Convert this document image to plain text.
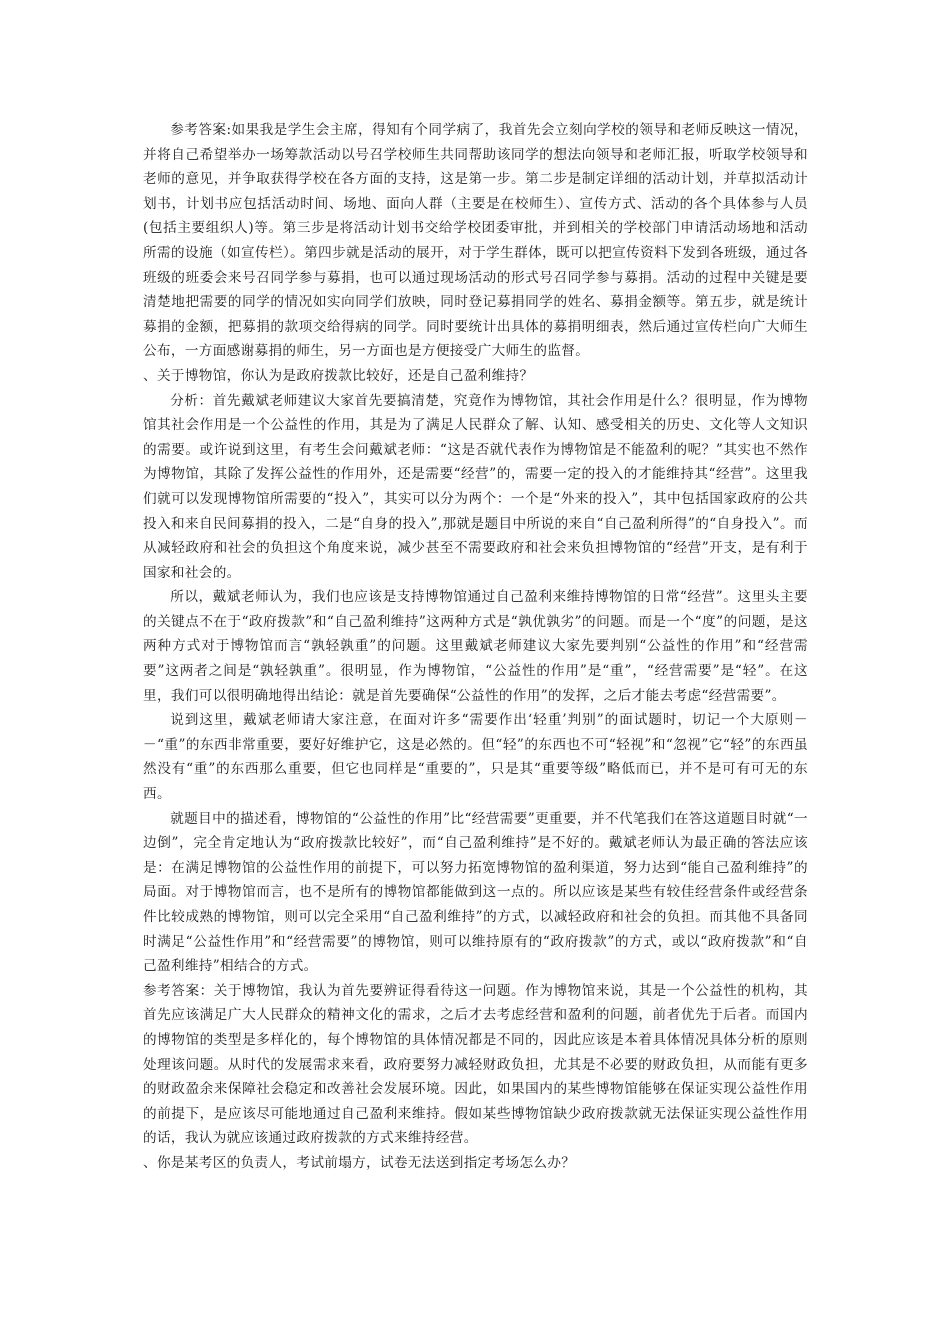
参考答案:如果我是学生会主席，得知有个同学病了，我首先会立刻向学校的领导和老师反映这一情况，并将自己希望举办一场筹款活动以号召学校师生共同帮助该同学的想法向领导和老师汇报，听取学校领导和老师的意见，并争取获得学校在各方面的支持，这是第一步。第二步是制定详细的活动计划，并草拟活动计划书，计划书应包括活动时间、场地、面向人群（主要是在校师生）、宣传方式、活动的各个具体参与人员(包括主要组织人)等。第三步是将活动计划书交给学校团委审批，并到相关的学校部门申请活动场地和活动所需的设施（如宣传栏）。第四步就是活动的展开，对于学生群体，既可以把宣传资料下发到各班级，通过各班级的班委会来号召同学参与募捐，也可以通过现场活动的形式号召同学参与募捐。活动的过程中关键是要清楚地把需要的同学的情况如实向同学们放映，同时登记募捐同学的姓名、募捐金额等。第五步，就是统计募捐的金额，把募捐的款项交给得病的同学。同时要统计出具体的募捐明细表，然后通过宣传栏向广大师生公布，一方面感谢募捐的师生，另一方面也是方便接受广大师生的监督。

、关于博物馆，你认为是政府拨款比较好，还是自己盈利维持？

分析：首先戴斌老师建议大家首先要搞清楚，究竟作为博物馆，其社会作用是什么？很明显，作为博物馆其社会作用是一个公益性的作用，其是为了满足人民群众了解、认知、感受相关的历史、文化等人文知识的需要。或许说到这里，有考生会问戴斌老师：“这是否就代表作为博物馆是不能盈利的呢？”其实也不然作为博物馆，其除了发挥公益性的作用外，还是需要“经营”的，需要一定的投入的才能维持其“经营”。这里我们就可以发现博物馆所需要的“投入”，其实可以分为两个：一个是“外来的投入”，其中包括国家政府的公共投入和来自民间募捐的投入，二是“自身的投入”,那就是题目中所说的来自“自己盈利所得”的“自身投入”。而从减轻政府和社会的负担这个角度来说，减少甚至不需要政府和社会来负担博物馆的“经营”开支，是有利于国家和社会的。

所以，戴斌老师认为，我们也应该是支持博物馆通过自己盈利来维持博物馆的日常“经营”。这里头主要的关键点不在于“政府拨款”和“自己盈利维持”这两种方式是“孰优孰劣”的问题。而是一个“度”的问题，是这两种方式对于博物馆而言“孰轻孰重”的问题。这里戴斌老师建议大家先要判别“公益性的作用”和“经营需要”这两者之间是“孰轻孰重”。很明显，作为博物馆，“公益性的作用”是“重”，“经营需要”是“轻”。在这里，我们可以很明确地得出结论：就是首先要确保“公益性的作用”的发挥，之后才能去考虑“经营需要”。

说到这里，戴斌老师请大家注意，在面对许多“需要作出‘轻重’判别”的面试题时，切记一个大原则－－“重”的东西非常重要，要好好维护它，这是必然的。但“轻”的东西也不可“轻视”和“忽视”它“轻”的东西虽然没有“重”的东西那么重要，但它也同样是“重要的”，只是其“重要等级”略低而已，并不是可有可无的东西。

就题目中的描述看，博物馆的“公益性的作用”比“经营需要”更重要，并不代笔我们在答这道题目时就“一边倒”，完全肯定地认为“政府拨款比较好”，而“自己盈利维持”是不好的。戴斌老师认为最正确的答法应该是：在满足博物馆的公益性作用的前提下，可以努力拓宽博物馆的盈利渠道，努力达到“能自己盈利维持”的局面。对于博物馆而言，也不是所有的博物馆都能做到这一点的。所以应该是某些有较佳经营条件或经营条件比较成熟的博物馆，则可以完全采用“自己盈利维持”的方式，以减轻政府和社会的负担。而其他不具备同时满足“公益性作用”和“经营需要”的博物馆，则可以维持原有的“政府拨款”的方式，或以“政府拨款”和“自己盈利维持”相结合的方式。

参考答案：关于博物馆，我认为首先要辨证得看待这一问题。作为博物馆来说，其是一个公益性的机构，其首先应该满足广大人民群众的精神文化的需求，之后才去考虑经营和盈利的问题，前者优先于后者。而国内的博物馆的类型是多样化的，每个博物馆的具体情况都是不同的，因此应该是本着具体情况具体分析的原则处理该问题。从时代的发展需求来看，政府要努力减轻财政负担，尤其是不必要的财政负担，从而能有更多的财政盈余来保障社会稳定和改善社会发展环境。因此，如果国内的某些博物馆能够在保证实现公益性作用的前提下，是应该尽可能地通过自己盈利来维持。假如某些博物馆缺少政府拨款就无法保证实现公益性作用的话，我认为就应该通过政府拨款的方式来维持经营。

、你是某考区的负责人，考试前塌方，试卷无法送到指定考场怎么办？
